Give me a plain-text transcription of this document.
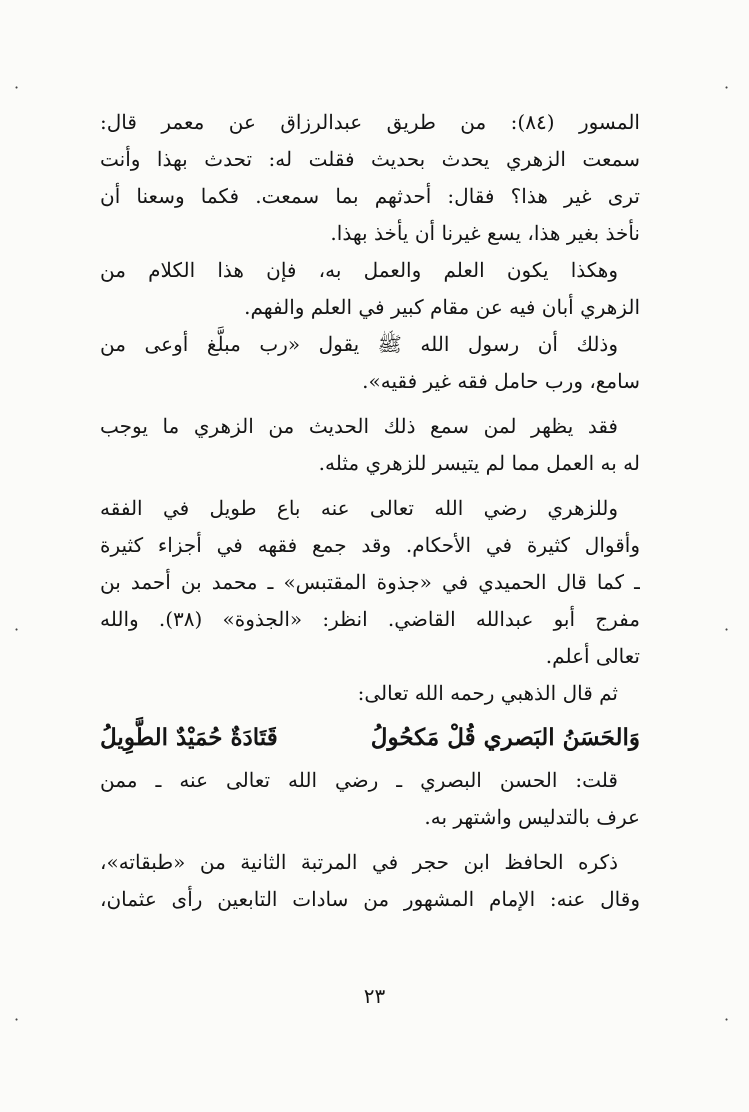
المسور (٨٤): من طريق عبدالرزاق عن معمر قال:
سمعت الزهري يحدث بحديث فقلت له: تحدث بهذا وأنت
ترى غير هذا؟ فقال: أحدثهم بما سمعت. فكما وسعنا أن
نأخذ بغير هذا، يسع غيرنا أن يأخذ بهذا.
وهكذا يكون العلم والعمل به، فإن هذا الكلام من
الزهري أبان فيه عن مقام كبير في العلم والفهم.
وذلك أن رسول الله ﷺ يقول «رب مبلَّغ أوعى من
سامع، ورب حامل فقه غير فقيه».
فقد يظهر لمن سمع ذلك الحديث من الزهري ما يوجب
له به العمل مما لم يتيسر للزهري مثله.
وللزهري رضي الله تعالى عنه باع طويل في الفقه
وأقوال كثيرة في الأحكام. وقد جمع فقهه في أجزاء كثيرة
ـ كما قال الحميدي في «جذوة المقتبس» ـ محمد بن أحمد بن
مفرج أبو عبدالله القاضي. انظر: «الجذوة» (٣٨). والله
تعالى أعلم.
ثم قال الذهبي رحمه الله تعالى:
وَالحَسَنُ البَصري قُلْ مَكحُولُ
قَتَادَةٌ حُمَيْدٌ الطَّوِيلُ
قلت: الحسن البصري ـ رضي الله تعالى عنه ـ ممن
عرف بالتدليس واشتهر به.
ذكره الحافظ ابن حجر في المرتبة الثانية من «طبقاته»،
وقال عنه: الإمام المشهور من سادات التابعين رأى عثمان،
٢٣
·	·
·	·
·	·
